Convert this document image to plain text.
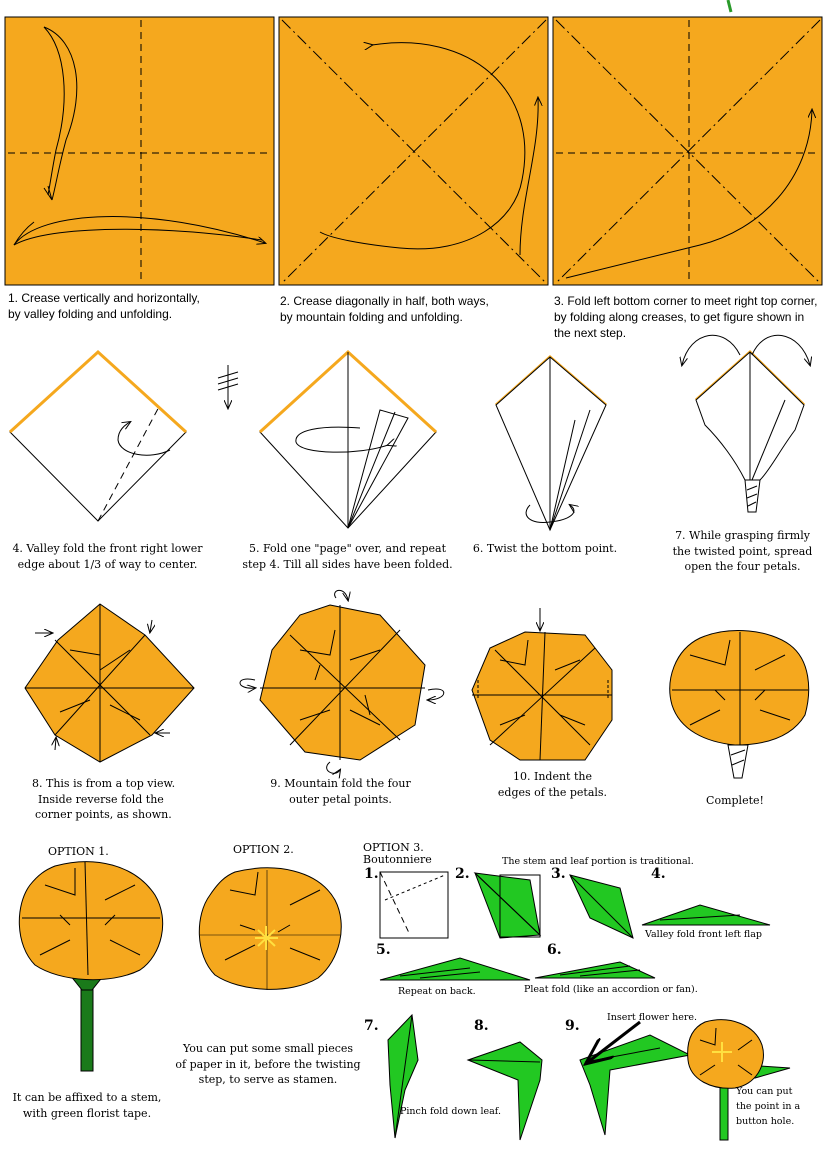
1. Crease vertically and horizontally,
by valley folding and unfolding.
2. Crease diagonally in half, both ways,
by mountain folding and unfolding.
3. Fold left bottom corner to meet right top corner,
by folding along creases, to get figure shown in
the next step.
4. Valley fold the front right lower
edge about 1/3 of way to center.
5. Fold one "page" over, and repeat
step 4. Till all sides have been folded.
6. Twist the bottom point.
7. While grasping firmly
the twisted point, spread
open the four petals.
8. This is from a top view.
Inside reverse fold the
corner points, as shown.
9. Mountain fold the four
outer petal points.
10. Indent the
edges of the petals.
Complete!
OPTION 1.	OPTION 2.	OPTION 3.
Boutonniere	The stem and leaf portion is traditional.
It can be affixed to a stem,
with green florist tape.
You can put some small pieces
of paper in it, before the twisting
step, to serve as stamen.
1.	2.	3.	4.
5.	6.
7.	8.	9.
Valley fold front left flap
Repeat on back.	Pleat fold (like an accordion or fan).
Pinch fold down leaf.
Insert flower here.
You can put
the point in a
button hole.
